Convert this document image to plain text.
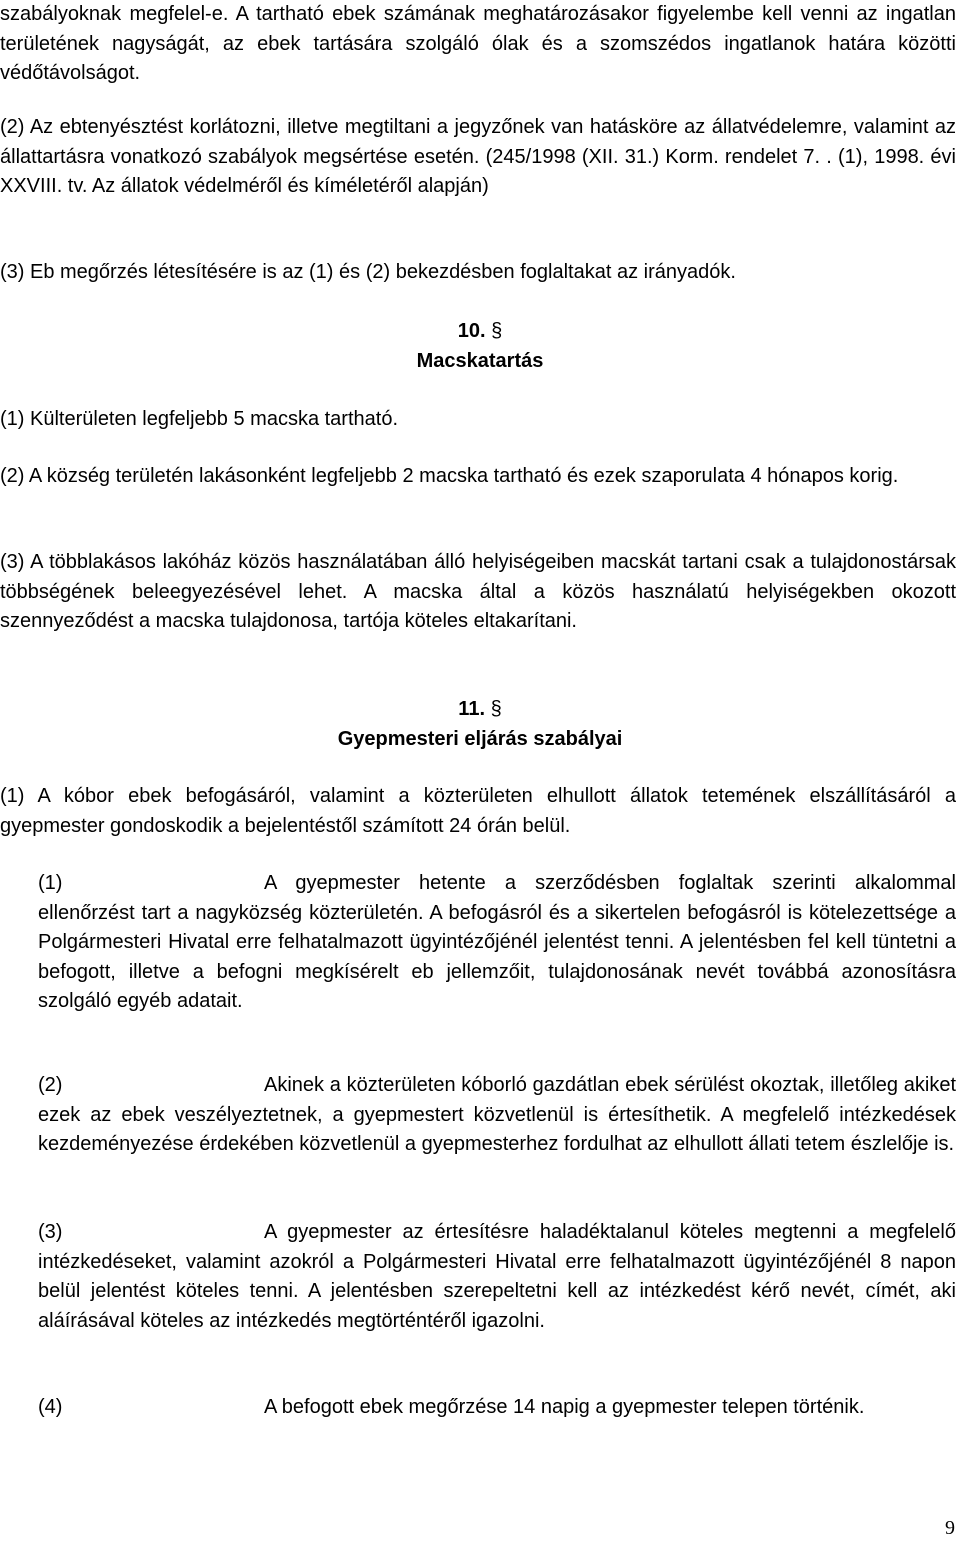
szabályoknak megfelel-e. A tartható ebek számának meghatározásakor figyelembe kell venni az ingatlan területének nagyságát, az ebek tartására szolgáló ólak és a szomszédos ingatlanok határa közötti védőtávolságot.

(2) Az ebtenyésztést korlátozni, illetve megtiltani a jegyzőnek van hatásköre az állatvédelemre, valamint az állattartásra vonatkozó szabályok megsértése esetén. (245/1998 (XII. 31.) Korm. rendelet 7. . (1), 1998. évi XXVIII. tv. Az állatok védelméről és kíméletéről alapján)

(3) Eb megőrzés létesítésére is az (1) és (2) bekezdésben foglaltakat az irányadók.

10. §
Macskatartás

(1) Külterületen legfeljebb 5 macska tartható.

(2) A község területén lakásonként legfeljebb 2 macska tartható és ezek szaporulata 4 hónapos korig.

(3) A többlakásos lakóház közös használatában álló helyiségeiben macskát tartani csak a tulajdonostársak többségének beleegyezésével lehet. A macska által a közös használatú helyiségekben okozott szennyeződést a macska tulajdonosa, tartója köteles eltakarítani.

11. §
Gyepmesteri eljárás szabályai

(1) A kóbor ebek befogásáról, valamint a közterületen elhullott állatok tetemének elszállításáról a gyepmester gondoskodik a bejelentéstől számított 24 órán belül.

(1)	A gyepmester hetente a szerződésben foglaltak szerinti alkalommal ellenőrzést tart a nagyközség közterületén. A befogásról és a sikertelen befogásról is kötelezettsége a Polgármesteri Hivatal erre felhatalmazott ügyintézőjénél jelentést tenni. A jelentésben fel kell tüntetni a befogott, illetve a befogni megkísérelt eb jellemzőit, tulajdonosának nevét továbbá azonosításra szolgáló egyéb adatait.

(2)	Akinek a közterületen kóborló gazdátlan ebek sérülést okoztak, illetőleg akiket ezek az ebek veszélyeztetnek, a gyepmestert közvetlenül is értesíthetik. A megfelelő intézkedések kezdeményezése érdekében közvetlenül a gyepmesterhez fordulhat az elhullott állati tetem észlelője is.

(3)	A gyepmester az értesítésre haladéktalanul köteles megtenni a megfelelő intézkedéseket, valamint azokról a Polgármesteri Hivatal erre felhatalmazott ügyintézőjénél 8 napon belül jelentést köteles tenni. A jelentésben szerepeltetni kell az intézkedést kérő nevét, címét, aki aláírásával köteles az intézkedés megtörténtéről igazolni.

(4)	A befogott ebek megőrzése 14 napig a gyepmester telepen történik.

9
